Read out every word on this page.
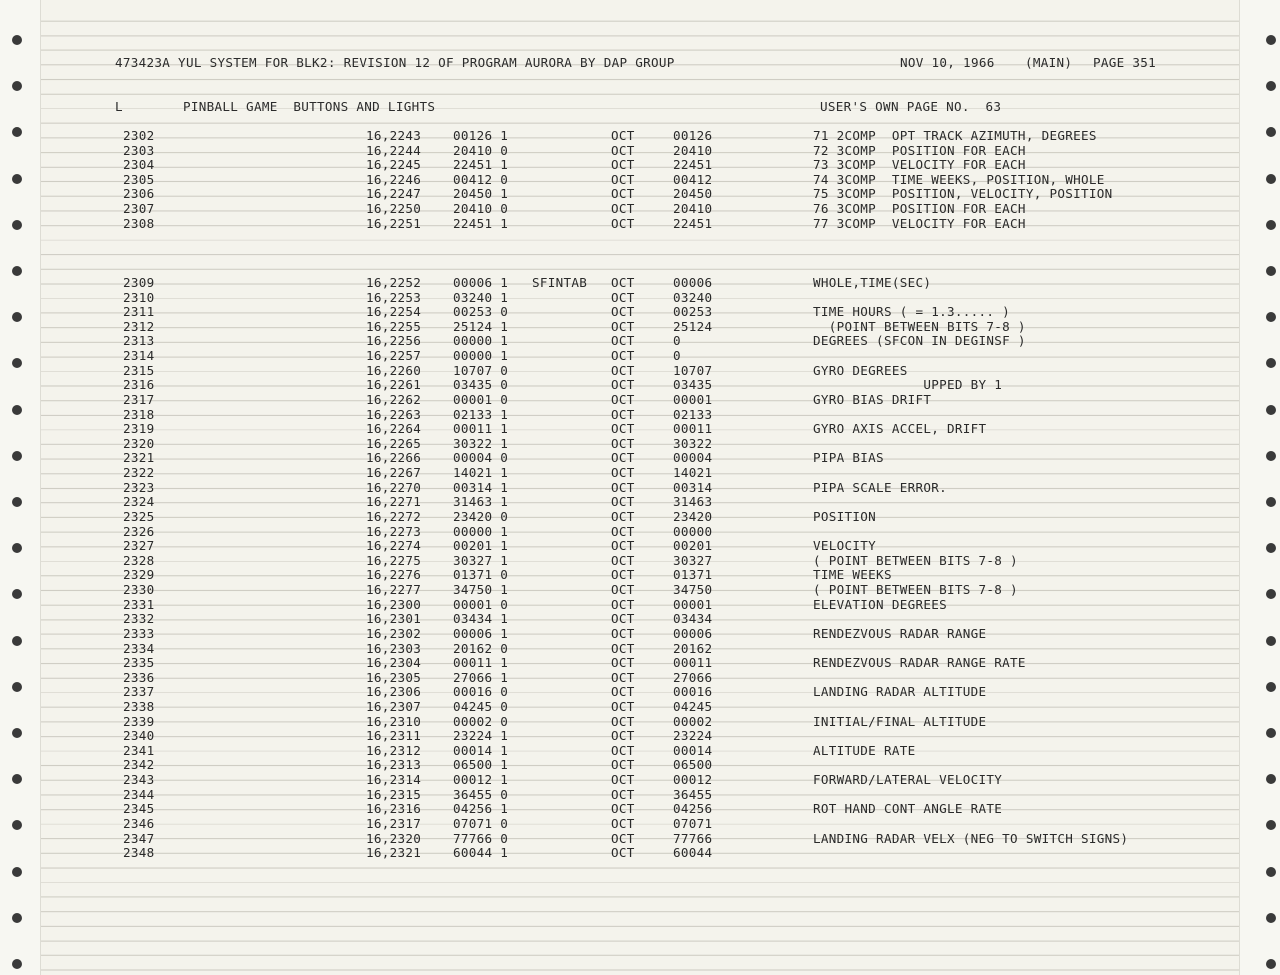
473423A YUL SYSTEM FOR BLK2: REVISION 12 OF PROGRAM AURORA BY DAP GROUP	NOV 10, 1966 (MAIN) PAGE 351
L	PINBALL GAME  BUTTONS AND LIGHTS	USER'S OWN PAGE NO.  63
2302	16,2243	00126 1	OCT	00126	71 2COMP  OPT TRACK AZIMUTH, DEGREES
2303	16,2244	20410 0	OCT	20410	72 3COMP  POSITION FOR EACH
2304	16,2245	22451 1	OCT	22451	73 3COMP  VELOCITY FOR EACH
2305	16,2246	00412 0	OCT	00412	74 3COMP  TIME WEEKS, POSITION, WHOLE
2306	16,2247	20450 1	OCT	20450	75 3COMP  POSITION, VELOCITY, POSITION
2307	16,2250	20410 0	OCT	20410	76 3COMP  POSITION FOR EACH
2308	16,2251	22451 1	OCT	22451	77 3COMP  VELOCITY FOR EACH
2309	16,2252	00006 1 SFINTAB OCT	00006	WHOLE,TIME(SEC)
2310	16,2253	03240 1	OCT	03240
2311	16,2254	00253 0	OCT	00253	TIME HOURS ( = 1.3..... )
2312	16,2255	25124 1	OCT	25124	(POINT BETWEEN BITS 7-8 )
2313	16,2256	00000 1	OCT	0	DEGREES (SFCON IN DEGINSF )
2314	16,2257	00000 1	OCT	0
2315	16,2260	10707 0	OCT	10707	GYRO DEGREES
2316	16,2261	03435 0	OCT	03435	UPPED BY 1
2317	16,2262	00001 0	OCT	00001	GYRO BIAS DRIFT
2318	16,2263	02133 1	OCT	02133
2319	16,2264	00011 1	OCT	00011	GYRO AXIS ACCEL, DRIFT
2320	16,2265	30322 1	OCT	30322
2321	16,2266	00004 0	OCT	00004	PIPA BIAS
2322	16,2267	14021 1	OCT	14021
2323	16,2270	00314 1	OCT	00314	PIPA SCALE ERROR.
2324	16,2271	31463 1	OCT	31463
2325	16,2272	23420 0	OCT	23420	POSITION
2326	16,2273	00000 1	OCT	00000
2327	16,2274	00201 1	OCT	00201	VELOCITY
2328	16,2275	30327 1	OCT	30327	( POINT BETWEEN BITS 7-8 )
2329	16,2276	01371 0	OCT	01371	TIME WEEKS
2330	16,2277	34750 1	OCT	34750	( POINT BETWEEN BITS 7-8 )
2331	16,2300	00001 0	OCT	00001	ELEVATION DEGREES
2332	16,2301	03434 1	OCT	03434
2333	16,2302	00006 1	OCT	00006	RENDEZVOUS RADAR RANGE
2334	16,2303	20162 0	OCT	20162
2335	16,2304	00011 1	OCT	00011	RENDEZVOUS RADAR RANGE RATE
2336	16,2305	27066 1	OCT	27066
2337	16,2306	00016 0	OCT	00016	LANDING RADAR ALTITUDE
2338	16,2307	04245 0	OCT	04245
2339	16,2310	00002 0	OCT	00002	INITIAL/FINAL ALTITUDE
2340	16,2311	23224 1	OCT	23224
2341	16,2312	00014 1	OCT	00014	ALTITUDE RATE
2342	16,2313	06500 1	OCT	06500
2343	16,2314	00012 1	OCT	00012	FORWARD/LATERAL VELOCITY
2344	16,2315	36455 0	OCT	36455
2345	16,2316	04256 1	OCT	04256	ROT HAND CONT ANGLE RATE
2346	16,2317	07071 0	OCT	07071
2347	16,2320	77766 0	OCT	77766	LANDING RADAR VELX (NEG TO SWITCH SIGNS)
2348	16,2321	60044 1	OCT	60044
